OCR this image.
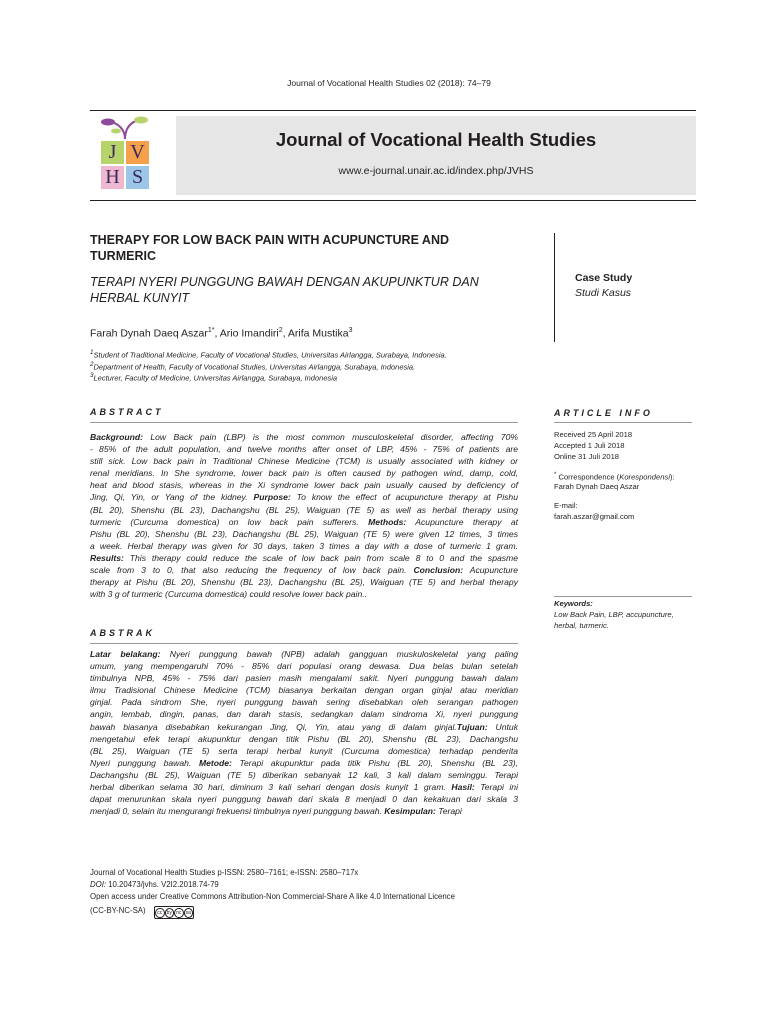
Journal of Vocational Health Studies 02 (2018): 74–79
J V
H S
Journal of Vocational Health Studies
www.e-journal.unair.ac.id/index.php/JVHS
THERAPY FOR LOW BACK PAIN WITH ACUPUNCTURE AND TURMERIC
TERAPI NYERI PUNGGUNG BAWAH DENGAN AKUPUNKTUR DAN HERBAL KUNYIT
Case Study
Studi Kasus
Farah Dynah Daeq Aszar$^{1*}$, Ario Imandiri$^2$, Arifa Mustika$^3$
$^1$Student of Traditional Medicine, Faculty of Vocational Studies, Universitas Airlangga, Surabaya, Indonesia.
$^2$Department of Health, Faculty of Vocational Studies, Universitas Airlangga, Surabaya, Indonesia.
$^3$Lecturer, Faculty of Medicine, Universitas Airlangga, Surabaya, Indonesia
ABSTRACT
Background: Low Back pain (LBP) is the most common musculoskeletal disorder, affecting 70%
- 85% of the adult population, and twelve months after onset of LBP, 45% - 75% of patients are
still sick. Low back pain in Traditional Chinese Medicine (TCM) is usually associated with kidney or
renal meridians. In She syndrome, lower back pain is often caused by pathogen wind, damp, cold,
heat and blood stasis, whereas in the Xi syndrome lower back pain usually caused by deficiency of
Jing, Qi, Yin, or Yang of the kidney. Purpose: To know the effect of acupuncture therapy at Pishu
(BL 20), Shenshu (BL 23), Dachangshu (BL 25), Waiguan (TE 5) as well as herbal therapy using
turmeric (Curcuma domestica) on low back pain sufferers. Methods: Acupuncture therapy at
Pishu (BL 20), Shenshu (BL 23), Dachangshu (BL 25), Waiguan (TE 5) were given 12 times, 3 times
a week. Herbal therapy was given for 30 days, taken 3 times a day with a dose of turmeric 1 gram.
Results: This therapy could reduce the scale of low back pain from scale 8 to 0 and the spasme
scale from 3 to 0, that also reducing the frequency of low back pain. Conclusion: Acupuncture
therapy at Pishu (BL 20), Shenshu (BL 23), Dachangshu (BL 25), Waiguan (TE 5) and herbal therapy
with 3 g of turmeric (Curcuma domestica) could resolve lower back pain..
ABSTRAK
Latar belakang: Nyeri punggung bawah (NPB) adalah gangguan muskuloskeletal yang paling
umum, yang mempengaruhi 70% - 85% dari populasi orang dewasa. Dua belas bulan setelah
timbulnya NPB, 45% - 75% dari pasien masih mengalami sakit. Nyeri punggung bawah dalam
ilmu Tradisional Chinese Medicine (TCM) biasanya berkaitan dengan organ ginjal atau meridian
ginjal. Pada sindrom She, nyeri punggung bawah sering disebabkan oleh serangan pathogen
angin, lembab, dingin, panas, dan darah stasis, sedangkan dalam sindroma Xi, nyeri punggung
bawah biasanya disebabkan kekurangan Jing, Qi, Yin, atau yang di dalam ginjal.Tujuan: Untuk
mengetahui efek terapi akupunktur dengan titik Pishu (BL 20), Shenshu (BL 23), Dachangshu
(BL 25), Waiguan (TE 5) serta terapi herbal kunyit (Curcuma domestica) terhadap penderita
Nyeri punggung bawah. Metode: Terapi akupunktur pada titik Pishu (BL 20), Shenshu (BL 23),
Dachangshu (BL 25), Waiguan (TE 5) diberikan sebanyak 12 kali, 3 kali dalam seminggu. Terapi
herbal diberikan selama 30 hari, diminum 3 kali sehari dengan dosis kunyit 1 gram. Hasil: Terapi ini
dapat menurunkan skala nyeri punggung bawah dari skala 8 menjadi 0 dan kekakuan dari skala 3
menjadi 0, selain itu mengurangi frekuensi timbulnya nyeri punggung bawah. Kesimpulan: Terapi
ARTICLE INFO
Received 25 April 2018
Accepted 1 Juli 2018
Online 31 Juli 2018
* Correspondence (Korespondensi):
Farah Dynah Daeq Aszar
E-mail:
farah.aszar@gmail.com
Keywords:
Low Back Pain, LBP, accupuncture,
herbal, turmeric.
Journal of Vocational Health Studies p-ISSN: 2580–7161; e-ISSN: 2580–717x
DOI: 10.20473/jvhs. V2I2.2018.74-79
Open access under Creative Commons Attribution-Non Commercial-Share A like 4.0 International Licence
(CC-BY-NC-SA)	cc by nc sa
